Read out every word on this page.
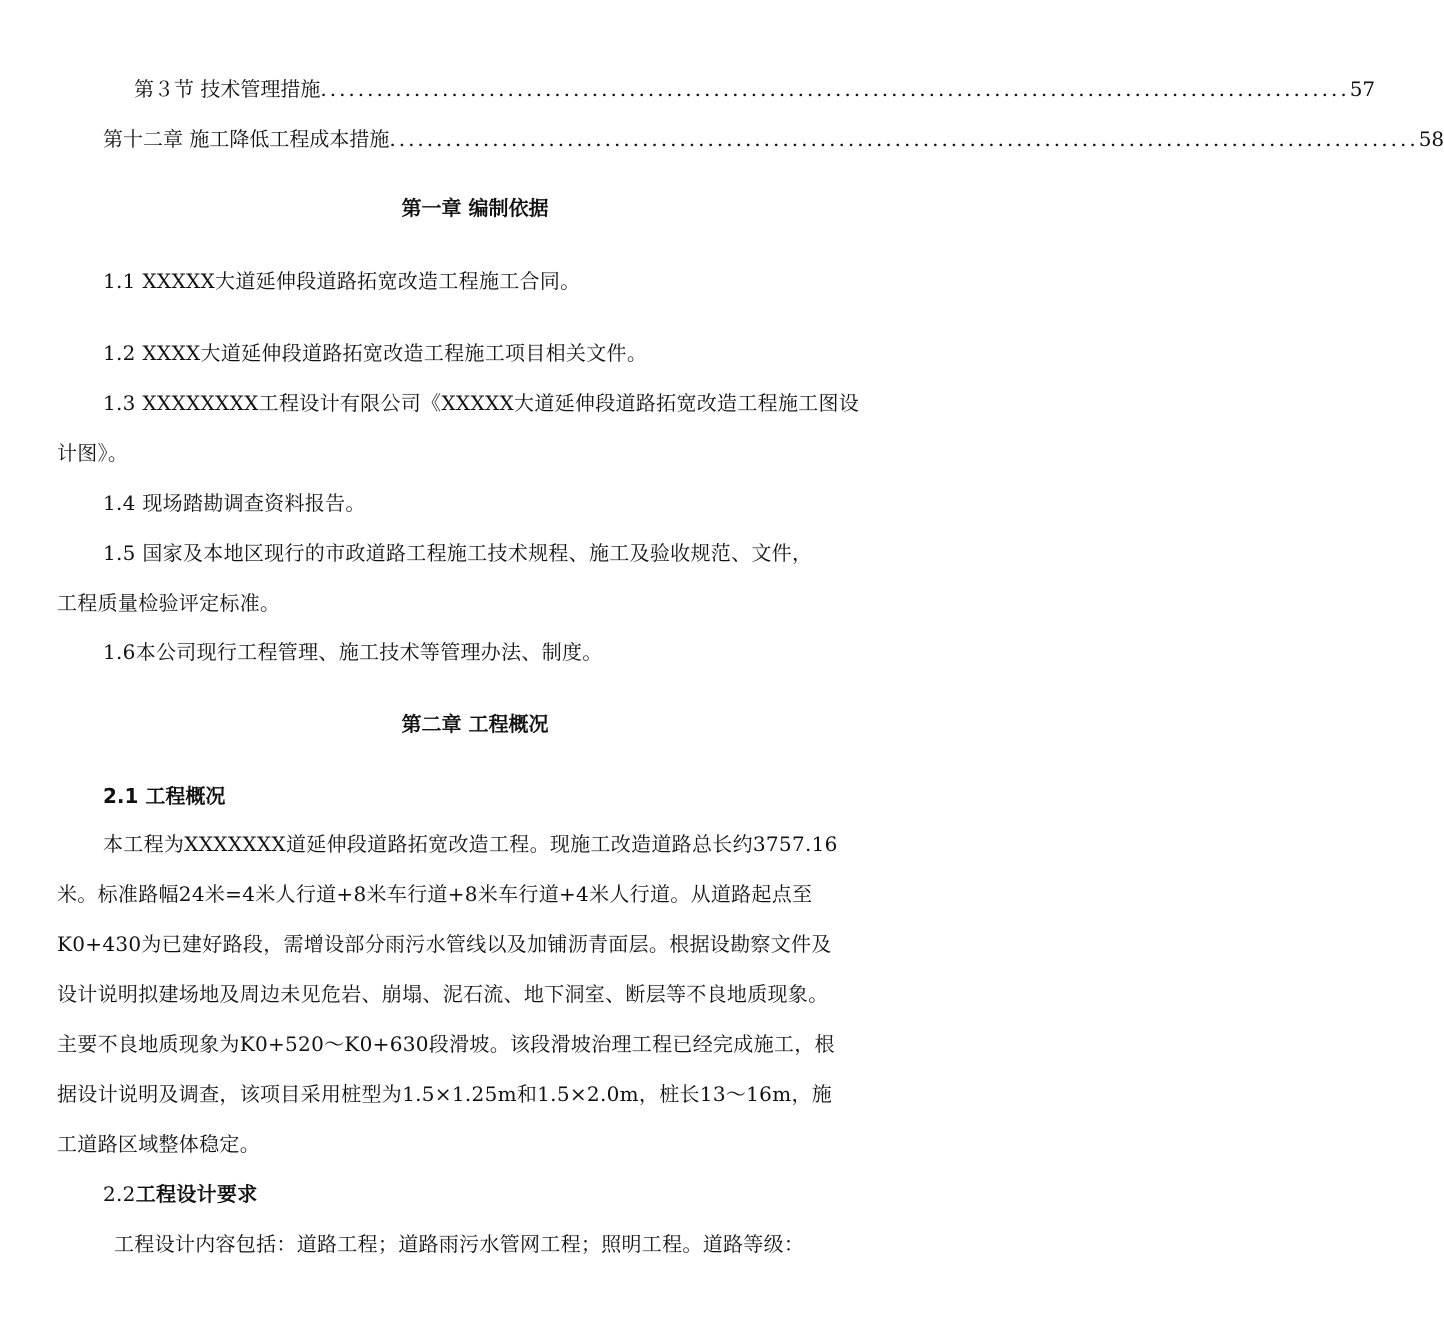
第３节 技术管理措施 .............................................................................................................. 57
第十二章 施工降低工程成本措施 .............................................................................................................. 58
第一章 编制依据
1.1 XXXXX大道延伸段道路拓宽改造工程施工合同。
1.2 XXXX大道延伸段道路拓宽改造工程施工项目相关文件。
1.3 XXXXXXXX工程设计有限公司《XXXXX大道延伸段道路拓宽改造工程施工图设
计图》。
1.4 现场踏勘调查资料报告。
1.5 国家及本地区现行的市政道路工程施工技术规程、施工及验收规范、文件，
工程质量检验评定标准。
1.6本公司现行工程管理、施工技术等管理办法、制度。
第二章 工程概况
2.1 工程概况
本工程为XXXXXXX道延伸段道路拓宽改造工程。现施工改造道路总长约3757.16
米。标准路幅24米=4米人行道+8米车行道+8米车行道+4米人行道。从道路起点至
K0+430为已建好路段，需增设部分雨污水管线以及加铺沥青面层。根据设勘察文件及
设计说明拟建场地及周边未见危岩、崩塌、泥石流、地下洞室、断层等不良地质现象。
主要不良地质现象为K0+520～K0+630段滑坡。该段滑坡治理工程已经完成施工，根
据设计说明及调查，该项目采用桩型为1.5×1.25m和1.5×2.0m，桩长13～16m，施
工道路区域整体稳定。
2.2工程设计要求
工程设计内容包括：道路工程；道路雨污水管网工程；照明工程。道路等级：
